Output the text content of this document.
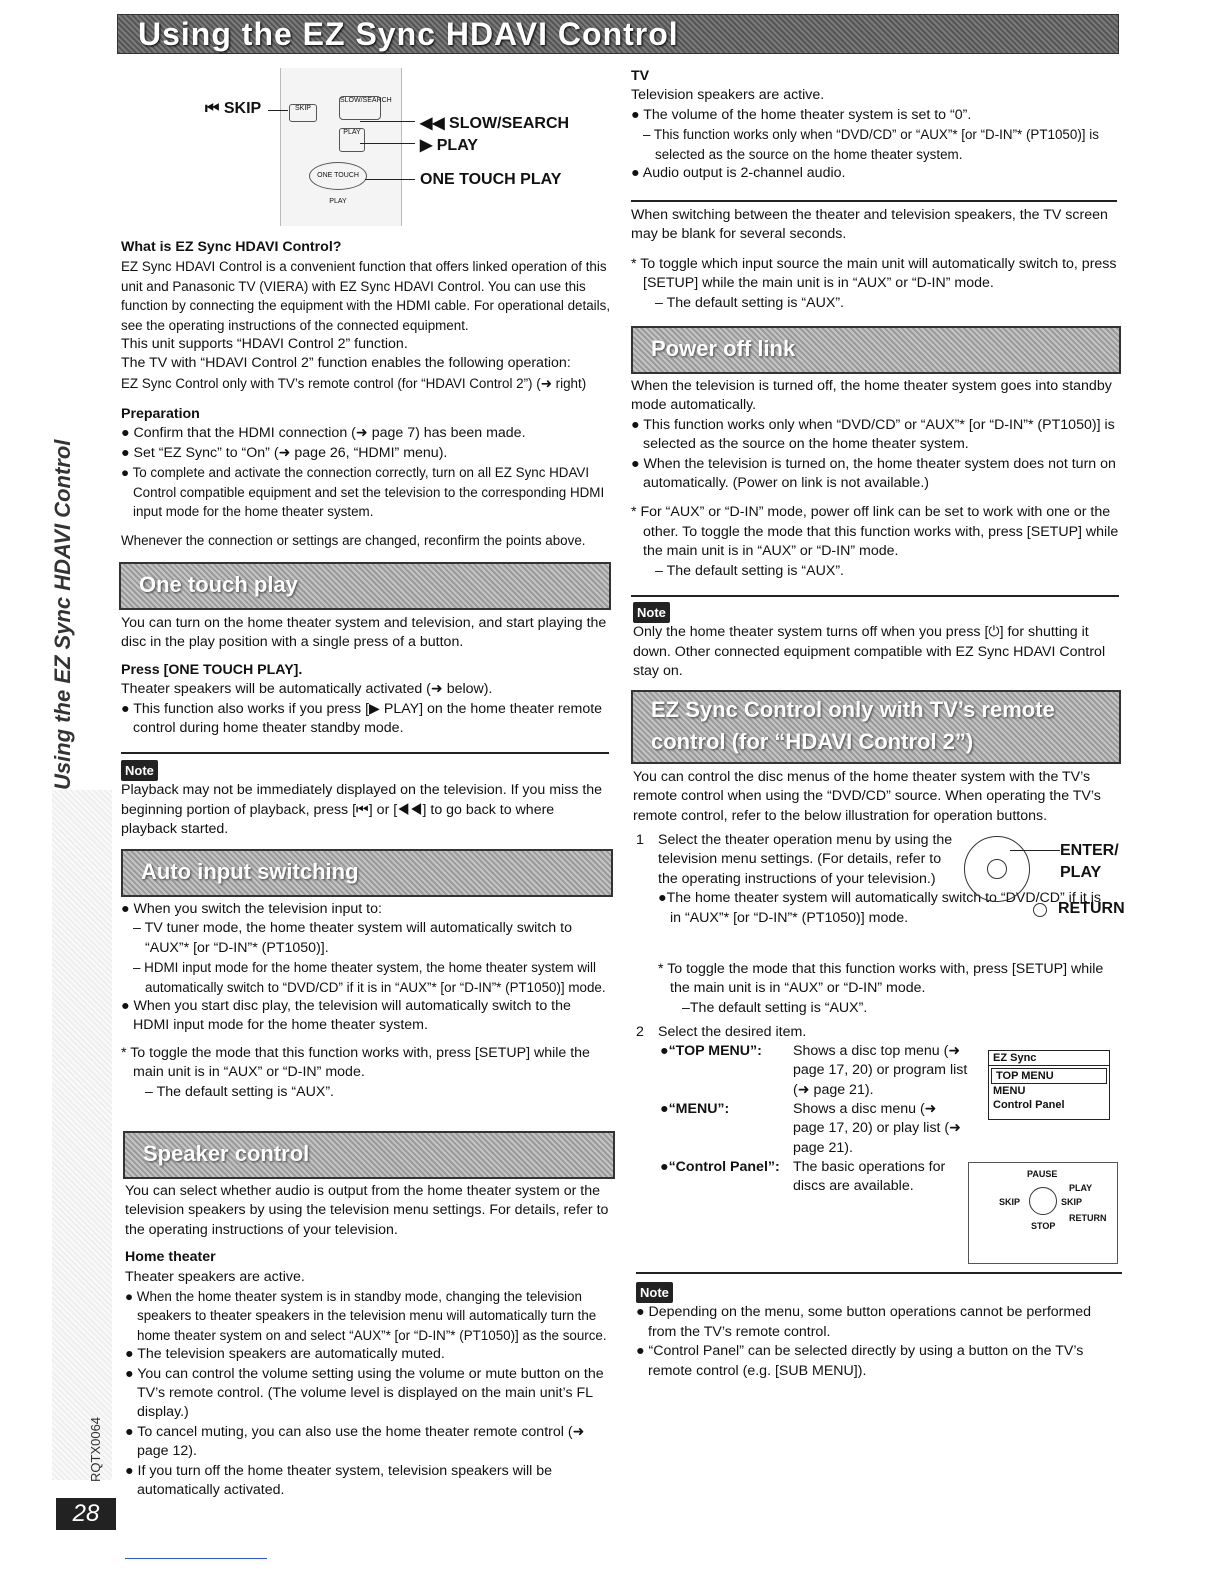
Using the EZ Sync HDAVI Control
Using the EZ Sync HDAVI Control
RQTX0064
28
SLOW/SEARCH
SKIP
PLAY
ONE TOUCH PLAY
⏮ SKIP
◀◀ SLOW/SEARCH
▶ PLAY
ONE TOUCH PLAY

What is EZ Sync HDAVI Control?

EZ Sync HDAVI Control is a convenient function that offers linked operation of this unit and Panasonic TV (VIERA) with EZ Sync HDAVI Control. You can use this function by connecting the equipment with the HDMI cable. For operational details, see the operating instructions of the connected equipment.

This unit supports “HDAVI Control 2” function.

The TV with “HDAVI Control 2” function enables the following operation:

EZ Sync Control only with TV’s remote control (for “HDAVI Control 2”) (➜ right)

Preparation

● Confirm that the HDMI connection (➜ page 7) has been made.

● Set “EZ Sync” to “On” (➜ page 26, “HDMI” menu).

● To complete and activate the connection correctly, turn on all EZ Sync HDAVI Control compatible equipment and set the television to the corresponding HDMI input mode for the home theater system.

Whenever the connection or settings are changed, reconfirm the points above.

One touch play

You can turn on the home theater system and television, and start playing the disc in the play position with a single press of a button.

Press [ONE TOUCH PLAY].

Theater speakers will be automatically activated (➜ below).

● This function also works if you press [▶ PLAY] on the home theater remote control during home theater standby mode.

Note

Playback may not be immediately displayed on the television. If you miss the beginning portion of playback, press [⏮] or [◀◀] to go back to where playback started.

Auto input switching

● When you switch the television input to:

– TV tuner mode, the home theater system will automatically switch to “AUX”* [or “D-IN”* (PT1050)].

– HDMI input mode for the home theater system, the home theater system will automatically switch to “DVD/CD” if it is in “AUX”* [or “D-IN”* (PT1050)] mode.

● When you start disc play, the television will automatically switch to the HDMI input mode for the home theater system.

* To toggle the mode that this function works with, press [SETUP] while the main unit is in “AUX” or “D-IN” mode.

– The default setting is “AUX”.

Speaker control

You can select whether audio is output from the home theater system or the television speakers by using the television menu settings. For details, refer to the operating instructions of your television.

Home theater

Theater speakers are active.

● When the home theater system is in standby mode, changing the television speakers to theater speakers in the television menu will automatically turn the home theater system on and select “AUX”* [or “D-IN”* (PT1050)] as the source.

● The television speakers are automatically muted.

● You can control the volume setting using the volume or mute button on the TV’s remote control. (The volume level is displayed on the main unit’s FL display.)

● To cancel muting, you can also use the home theater remote control (➜ page 12).

● If you turn off the home theater system, television speakers will be automatically activated.

TV

Television speakers are active.

● The volume of the home theater system is set to “0”.

– This function works only when “DVD/CD” or “AUX”* [or “D-IN”* (PT1050)] is selected as the source on the home theater system.

● Audio output is 2-channel audio.

When switching between the theater and television speakers, the TV screen may be blank for several seconds.

* To toggle which input source the main unit will automatically switch to, press [SETUP] while the main unit is in “AUX” or “D-IN” mode.

– The default setting is “AUX”.

Power off link

When the television is turned off, the home theater system goes into standby mode automatically.

● This function works only when “DVD/CD” or “AUX”* [or “D-IN”* (PT1050)] is selected as the source on the home theater system.

● When the television is turned on, the home theater system does not turn on automatically. (Power on link is not available.)

* For “AUX” or “D-IN” mode, power off link can be set to work with one or the other. To toggle the mode that this function works with, press [SETUP] while the main unit is in “AUX” or “D-IN” mode.

– The default setting is “AUX”.

Note

Only the home theater system turns off when you press [⏻] for shutting it down. Other connected equipment compatible with EZ Sync HDAVI Control stay on.

EZ Sync Control only with TV’s remote
control (for “HDAVI Control 2”)

You can control the disc menus of the home theater system with the TV’s remote control when using the “DVD/CD” source. When operating the TV’s remote control, refer to the below illustration for operation buttons.

1 Select the theater operation menu by using the television menu settings. (For details, refer to the operating instructions of your television.)

●The home theater system will automatically switch to “DVD/CD” if it is in “AUX”* [or “D-IN”* (PT1050)] mode.

ENTER/ PLAY
RETURN

* To toggle the mode that this function works with, press [SETUP] while the main unit is in “AUX” or “D-IN” mode.

–The default setting is “AUX”.

2 Select the desired item.
●“TOP MENU”: Shows a disc top menu (➜ page 17, 20) or program list (➜ page 21).
●“MENU”:	Shows a disc menu (➜ page 17, 20) or play list (➜ page 21).
●“Control Panel”: The basic operations for discs are available.
EZ Sync
TOP MENU
MENU
Control Panel
PAUSE
PLAY
SKIP	SKIP
RETURN
STOP

Note

● Depending on the menu, some button operations cannot be performed from the TV’s remote control.

● “Control Panel” can be selected directly by using a button on the TV’s remote control (e.g. [SUB MENU]).
